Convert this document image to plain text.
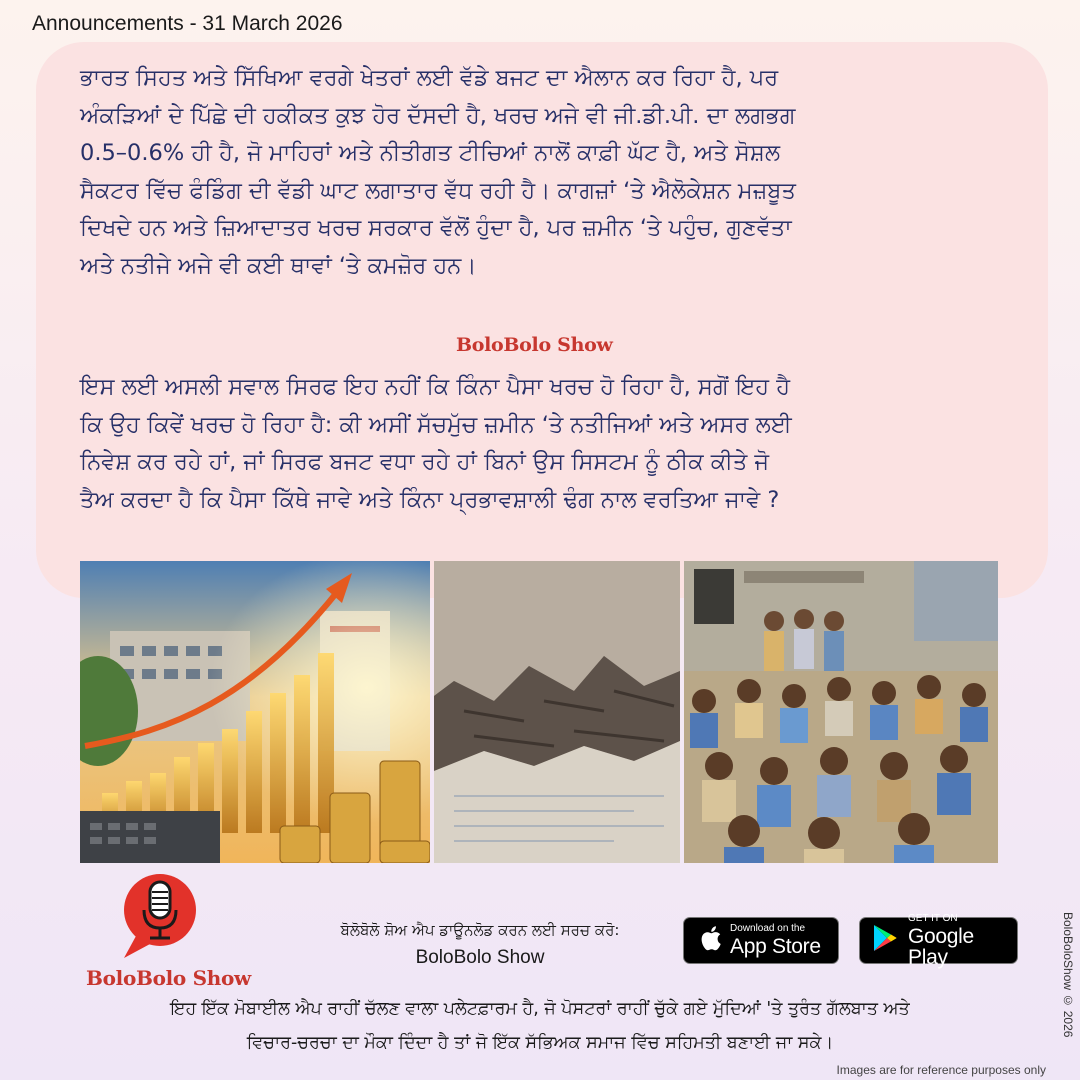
Announcements - 31 March 2026
ਭਾਰਤ ਸਿਹਤ ਅਤੇ ਸਿੱਖਿਆ ਵਰਗੇ ਖੇਤਰਾਂ ਲਈ ਵੱਡੇ ਬਜਟ ਦਾ ਐਲਾਨ ਕਰ ਰਿਹਾ ਹੈ, ਪਰ
ਅੰਕੜਿਆਂ ਦੇ ਪਿੱਛੇ ਦੀ ਹਕੀਕਤ ਕੁਝ ਹੋਰ ਦੱਸਦੀ ਹੈ, ਖਰਚ ਅਜੇ ਵੀ ਜੀ.ਡੀ.ਪੀ. ਦਾ ਲਗਭਗ
0.5–0.6% ਹੀ ਹੈ, ਜੋ ਮਾਹਿਰਾਂ ਅਤੇ ਨੀਤੀਗਤ ਟੀਚਿਆਂ ਨਾਲੋਂ ਕਾਫ਼ੀ ਘੱਟ ਹੈ, ਅਤੇ ਸੋਸ਼ਲ
ਸੈਕਟਰ ਵਿੱਚ ਫੰਡਿੰਗ ਦੀ ਵੱਡੀ ਘਾਟ ਲਗਾਤਾਰ ਵੱਧ ਰਹੀ ਹੈ। ਕਾਗਜ਼ਾਂ ‘ਤੇ ਐਲੋਕੇਸ਼ਨ ਮਜ਼ਬੂਤ
ਦਿਖਦੇ ਹਨ ਅਤੇ ਜ਼ਿਆਦਾਤਰ ਖਰਚ ਸਰਕਾਰ ਵੱਲੋਂ ਹੁੰਦਾ ਹੈ, ਪਰ ਜ਼ਮੀਨ ‘ਤੇ ਪਹੁੰਚ, ਗੁਣਵੱਤਾ
ਅਤੇ ਨਤੀਜੇ ਅਜੇ ਵੀ ਕਈ ਥਾਵਾਂ ‘ਤੇ ਕਮਜ਼ੋਰ ਹਨ।
BoloBolo Show
ਇਸ ਲਈ ਅਸਲੀ ਸਵਾਲ ਸਿਰਫ ਇਹ ਨਹੀਂ ਕਿ ਕਿੰਨਾ ਪੈਸਾ ਖਰਚ ਹੋ ਰਿਹਾ ਹੈ, ਸਗੋਂ ਇਹ ਹੈ
ਕਿ ਉਹ ਕਿਵੇਂ ਖਰਚ ਹੋ ਰਿਹਾ ਹੈ: ਕੀ ਅਸੀਂ ਸੱਚਮੁੱਚ ਜ਼ਮੀਨ ‘ਤੇ ਨਤੀਜਿਆਂ ਅਤੇ ਅਸਰ ਲਈ
ਨਿਵੇਸ਼ ਕਰ ਰਹੇ ਹਾਂ, ਜਾਂ ਸਿਰਫ ਬਜਟ ਵਧਾ ਰਹੇ ਹਾਂ ਬਿਨਾਂ ਉਸ ਸਿਸਟਮ ਨੂੰ ਠੀਕ ਕੀਤੇ ਜੋ
ਤੈਅ ਕਰਦਾ ਹੈ ਕਿ ਪੈਸਾ ਕਿੱਥੇ ਜਾਵੇ ਅਤੇ ਕਿੰਨਾ ਪ੍ਰਭਾਵਸ਼ਾਲੀ ਢੰਗ ਨਾਲ ਵਰਤਿਆ ਜਾਵੇ ?
BoloBolo Show
ਬੋਲੋਬੋਲੋ ਸ਼ੋਅ ਐਪ ਡਾਊਨਲੋਡ ਕਰਨ ਲਈ ਸਰਚ ਕਰੋ:
BoloBolo Show
Download on the
App Store
GET IT ON
Google Play
ਇਹ ਇੱਕ ਮੋਬਾਈਲ ਐਪ ਰਾਹੀਂ ਚੱਲਣ ਵਾਲਾ ਪਲੇਟਫ਼ਾਰਮ ਹੈ, ਜੋ ਪੋਸਟਰਾਂ ਰਾਹੀਂ ਚੁੱਕੇ ਗਏ ਮੁੱਦਿਆਂ 'ਤੇ ਤੁਰੰਤ ਗੱਲਬਾਤ ਅਤੇ
ਵਿਚਾਰ-ਚਰਚਾ ਦਾ ਮੌਕਾ ਦਿੰਦਾ ਹੈ ਤਾਂ ਜੋ ਇੱਕ ਸੱਭਿਅਕ ਸਮਾਜ ਵਿੱਚ ਸਹਿਮਤੀ ਬਣਾਈ ਜਾ ਸਕੇ।
BoloBoloShow © 2026
Images are for reference purposes only
